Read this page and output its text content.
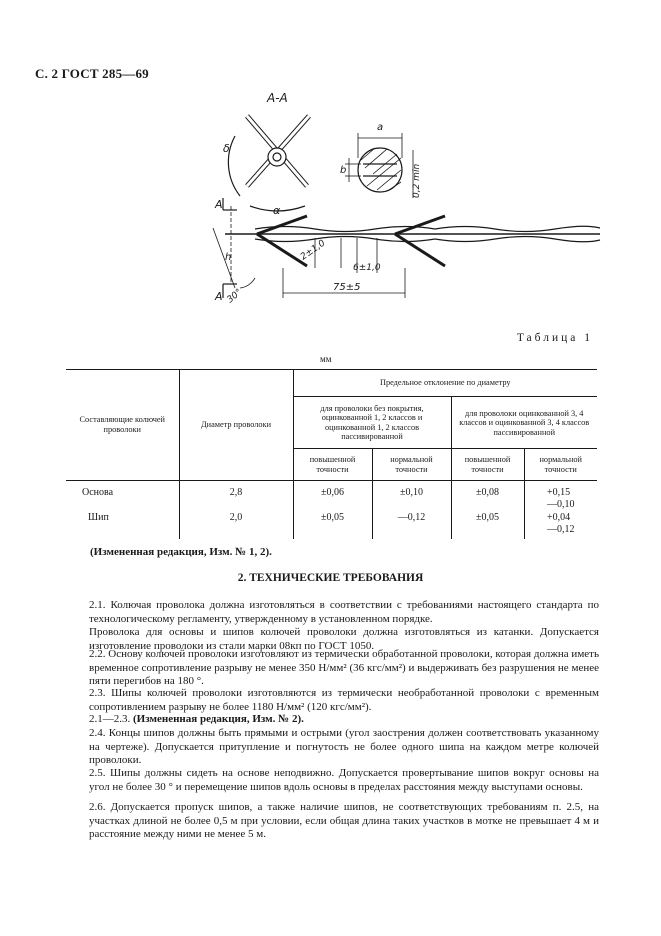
С. 2 ГОСТ 285—69
А-А
δ
α
а
b	0,2 min
А
А
h
30°
2±1,0
6±1,0
75±5
Таблица 1
мм
Составляющие колючей проволоки	Диаметр проволоки	Предельное отклонение по диаметру			
		для проволоки без покрытия, оцинкованной 1, 2 классов и оцинкованной 1, 2 классов пассивированной		для проволоки оцинкованной 3, 4 классов и оцинкованной 3, 4 классов пассивированной	
		повышенной точности	нормальной точности	повышенной точности	нормальной точности
Основа	2,8	±0,06	±0,10	±0,08	+0,15
—0,10

Шип	2,0	±0,05	—0,12	±0,05	+0,04
—0,12
(Измененная редакция, Изм. № 1, 2).
2. ТЕХНИЧЕСКИЕ ТРЕБОВАНИЯ
2.1. Колючая проволока должна изготовляться в соответствии с требованиями настоящего стандарта по технологическому регламенту, утвержденному в установленном порядке.
Проволока для основы и шипов колючей проволоки должна изготовляться из катанки. Допускается изготовление проволоки из стали марки 08кп по ГОСТ 1050.
2.2. Основу колючей проволоки изготовляют из термически обработанной проволоки, которая должна иметь временное сопротивление разрыву не менее 350 Н/мм² (36 кгс/мм²) и выдерживать без разрушения не менее пяти перегибов на 180 °.
2.3. Шипы колючей проволоки изготовляются из термически необработанной проволоки с временным сопротивлением разрыву не более 1180 Н/мм² (120 кгс/мм²).
2.1—2.3. (Измененная редакция, Изм. № 2).
2.4. Концы шипов должны быть прямыми и острыми (угол заострения должен соответствовать указанному на чертеже). Допускается притупление и погнутость не более одного шипа на каждом метре колючей проволоки.
2.5. Шипы должны сидеть на основе неподвижно. Допускается провертывание шипов вокруг основы на угол не более 30 ° и перемещение шипов вдоль основы в пределах расстояния между выступами основы.
2.6. Допускается пропуск шипов, а также наличие шипов, не соответствующих требованиям п. 2.5, на участках длиной не более 0,5 м при условии, если общая длина таких участков в мотке не превышает 4 м и расстояние между ними не менее 5 м.
